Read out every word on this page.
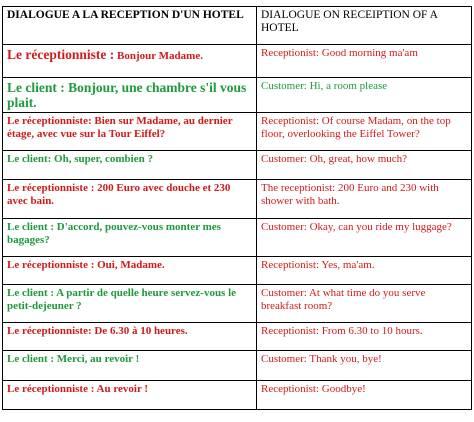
DIALOGUE A LA RECEPTION D'UN HOTEL	DIALOGUE ON RECEIPTION OF A HOTEL
Le réceptionniste : Bonjour Madame.	Receptionist: Good morning ma'am
Le client : Bonjour, une chambre s'il vous plait.	Customer: Hi, a room please
Le réceptionniste: Bien sur Madame, au dernier étage, avec vue sur la Tour Eiffel?	Receptionist: Of course Madam, on the top floor, overlooking the Eiffel Tower?
Le client: Oh, super, combien ?	Customer: Oh, great, how much?
Le réceptionniste : 200 Euro avec douche et 230 avec bain.	The receptionist: 200 Euro and 230 with shower with bath.
Le client : D'accord, pouvez-vous monter mes bagages?	Customer: Okay, can you ride my luggage?
Le réceptionniste : Oui, Madame.	Receptionist: Yes, ma'am.
Le client : A partir de quelle heure servez-vous le petit-dejeuner ?	Customer: At what time do you serve breakfast room?
Le réceptionniste: De 6.30 à 10 heures.	Receptionist: From 6.30 to 10 hours.
Le client : Merci, au revoir !	Customer: Thank you, bye!
Le réceptionniste : Au revoir !	Receptionist: Goodbye!
